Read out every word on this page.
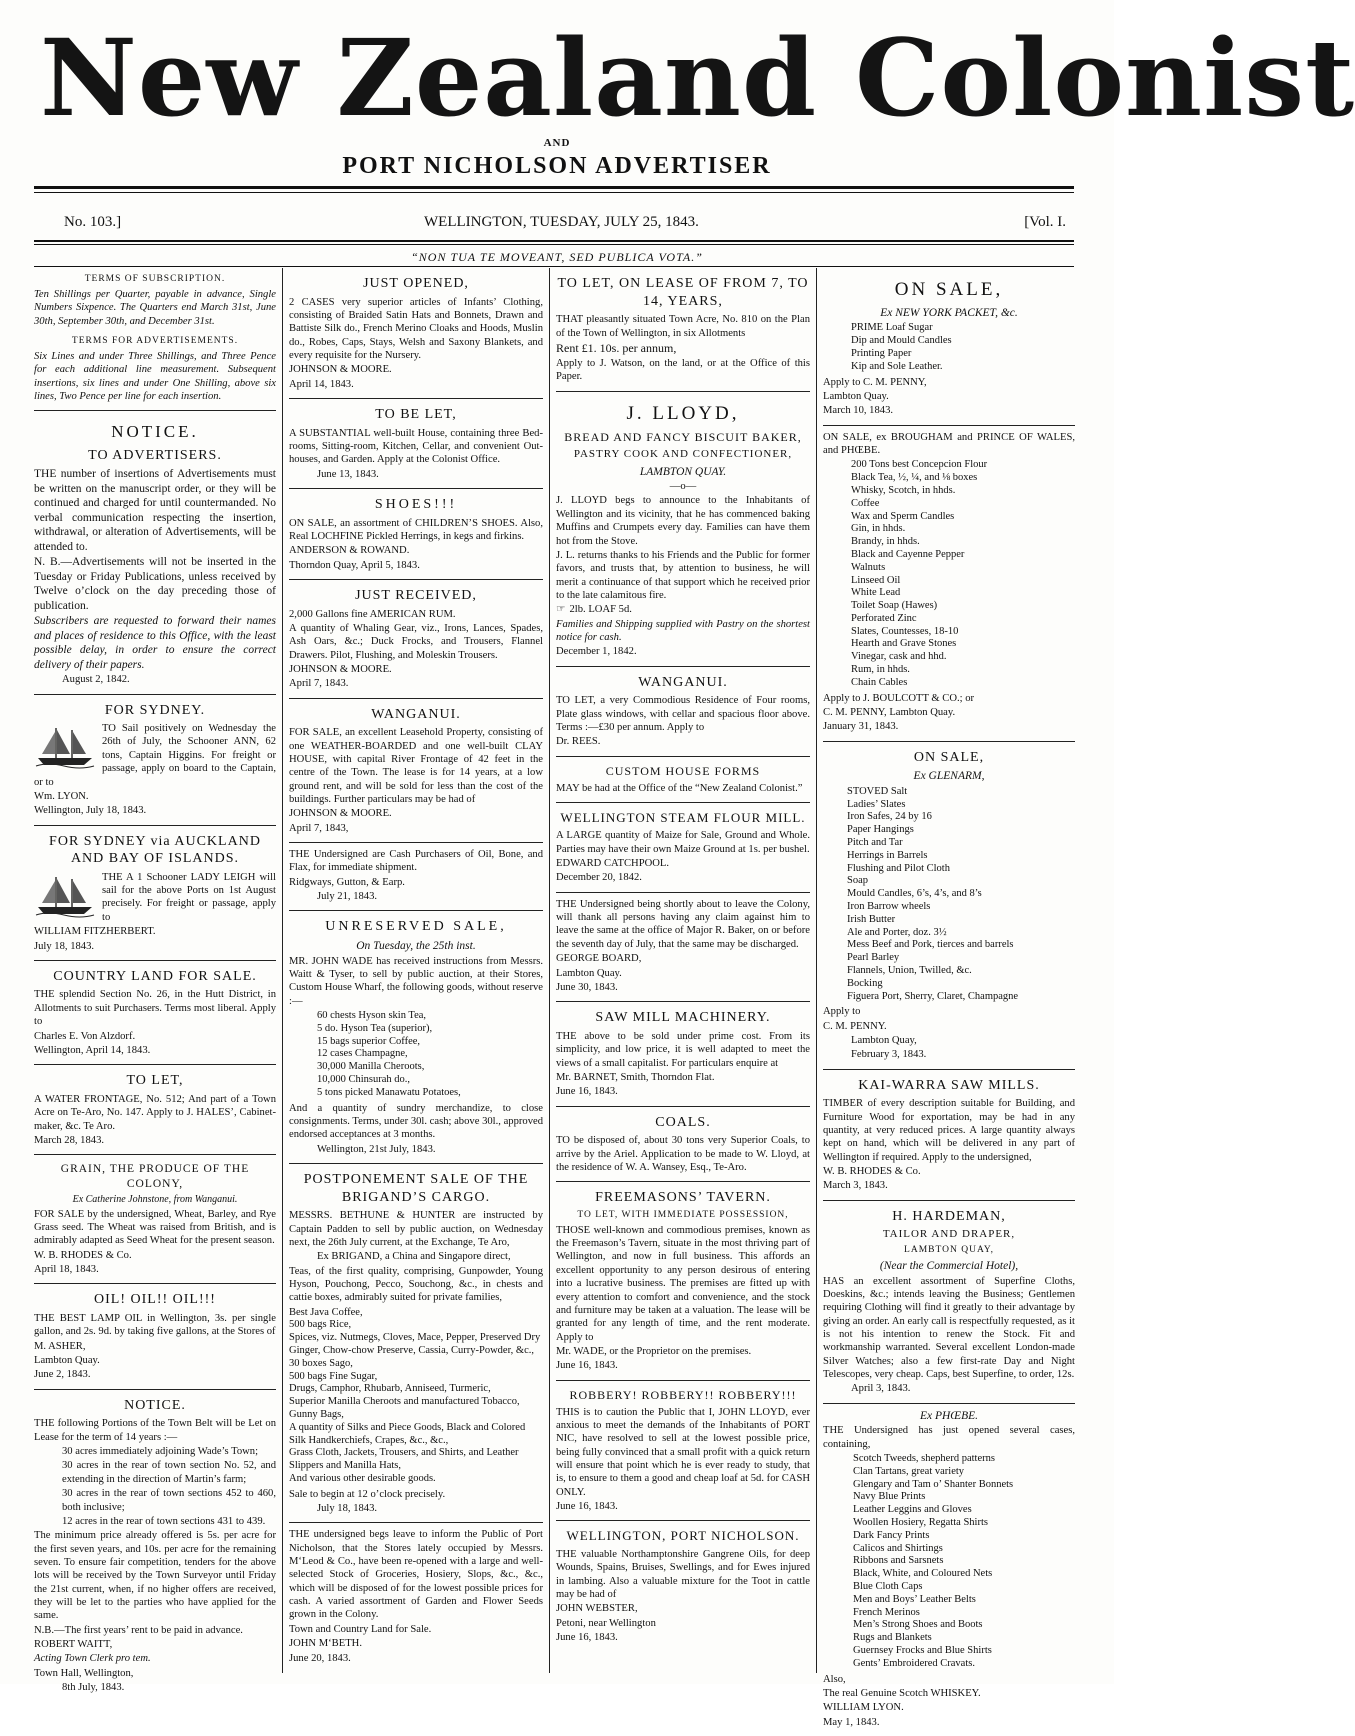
New Zealand Colonist
AND
PORT NICHOLSON ADVERTISER
No. 103.]	WELLINGTON, TUESDAY, JULY 25, 1843.	[Vol. I.
“NON TUA TE MOVEANT, SED PUBLICA VOTA.”
TERMS OF SUBSCRIPTION.

Ten Shillings per Quarter, payable in advance, Single Numbers Sixpence. The Quarters end March 31st, June 30th, September 30th, and December 31st.

TERMS FOR ADVERTISEMENTS.

Six Lines and under Three Shillings, and Three Pence for each additional line measurement. Subsequent insertions, six lines and under One Shilling, above six lines, Two Pence per line for each insertion.

NOTICE.
TO ADVERTISERS.

THE number of insertions of Advertisements must be written on the manuscript order, or they will be continued and charged for until countermanded. No verbal communication respecting the insertion, withdrawal, or alteration of Advertisements, will be attended to.

N. B.—Advertisements will not be inserted in the Tuesday or Friday Publications, unless received by Twelve o’clock on the day preceding those of publication.

Subscribers are requested to forward their names and places of residence to this Office, with the least possible delay, in order to ensure the correct delivery of their papers.

August 2, 1842.

FOR SYDNEY.

TO Sail positively on Wednesday the 26th of July, the Schooner ANN, 62 tons, Captain Higgins. For freight or passage, apply on board to the Captain, or to

Wm. LYON.

Wellington, July 18, 1843.

FOR SYDNEY via AUCKLAND AND BAY OF ISLANDS.

THE A 1 Schooner LADY LEIGH will sail for the above Ports on 1st August precisely. For freight or passage, apply to

WILLIAM FITZHERBERT.

July 18, 1843.

COUNTRY LAND FOR SALE.

THE splendid Section No. 26, in the Hutt District, in Allotments to suit Purchasers. Terms most liberal. Apply to

Charles E. Von Alzdorf.

Wellington, April 14, 1843.

TO LET,

A WATER FRONTAGE, No. 512; And part of a Town Acre on Te-Aro, No. 147. Apply to J. HALES’, Cabinet-maker, &c. Te Aro.

March 28, 1843.

GRAIN, THE PRODUCE OF THE COLONY,
Ex Catherine Johnstone, from Wanganui.

FOR SALE by the undersigned, Wheat, Barley, and Rye Grass seed. The Wheat was raised from British, and is admirably adapted as Seed Wheat for the present season.

W. B. RHODES & Co.

April 18, 1843.

OIL! OIL!! OIL!!!

THE BEST LAMP OIL in Wellington, 3s. per single gallon, and 2s. 9d. by taking five gallons, at the Stores of

M. ASHER,

Lambton Quay.

June 2, 1843.

NOTICE.

THE following Portions of the Town Belt will be Let on Lease for the term of 14 years :—

30 acres immediately adjoining Wade’s Town;

30 acres in the rear of town section No. 52, and extending in the direction of Martin’s farm;

30 acres in the rear of town sections 452 to 460, both inclusive;

12 acres in the rear of town sections 431 to 439.

The minimum price already offered is 5s. per acre for the first seven years, and 10s. per acre for the remaining seven. To ensure fair competition, tenders for the above lots will be received by the Town Surveyor until Friday the 21st current, when, if no higher offers are received, they will be let to the parties who have applied for the same.

N.B.—The first years’ rent to be paid in advance.

ROBERT WAITT,

Acting Town Clerk pro tem.

Town Hall, Wellington,

8th July, 1843.

JUST OPENED,

2 CASES very superior articles of Infants’ Clothing, consisting of Braided Satin Hats and Bonnets, Drawn and Battiste Silk do., French Merino Cloaks and Hoods, Muslin do., Robes, Caps, Stays, Welsh and Saxony Blankets, and every requisite for the Nursery.

JOHNSON & MOORE.

April 14, 1843.

TO BE LET,

A SUBSTANTIAL well-built House, containing three Bed-rooms, Sitting-room, Kitchen, Cellar, and convenient Out-houses, and Garden. Apply at the Colonist Office.

June 13, 1843.

SHOES!!!

ON SALE, an assortment of CHILDREN’S SHOES. Also, Real LOCHFINE Pickled Herrings, in kegs and firkins.

ANDERSON & ROWAND.

Thorndon Quay, April 5, 1843.

JUST RECEIVED,

2,000 Gallons fine AMERICAN RUM.

A quantity of Whaling Gear, viz., Irons, Lances, Spades, Ash Oars, &c.; Duck Frocks, and Trousers, Flannel Drawers. Pilot, Flushing, and Moleskin Trousers.

JOHNSON & MOORE.

April 7, 1843.

WANGANUI.

FOR SALE, an excellent Leasehold Property, consisting of one WEATHER-BOARDED and one well-built CLAY HOUSE, with capital River Frontage of 42 feet in the centre of the Town. The lease is for 14 years, at a low ground rent, and will be sold for less than the cost of the buildings. Further particulars may be had of

JOHNSON & MOORE.

April 7, 1843,

THE Undersigned are Cash Purchasers of Oil, Bone, and Flax, for immediate shipment.

Ridgways, Gutton, & Earp.

July 21, 1843.

UNRESERVED SALE,
On Tuesday, the 25th inst.

MR. JOHN WADE has received instructions from Messrs. Waitt & Tyser, to sell by public auction, at their Stores, Custom House Wharf, the following goods, without reserve :—

60 chests Hyson skin Tea,
5 do. Hyson Tea (superior),
15 bags superior Coffee,
12 cases Champagne,
30,000 Manilla Cheroots,
10,000 Chinsurah do.,
5 tons picked Manawatu Potatoes,

And a quantity of sundry merchandize, to close consignments. Terms, under 30l. cash; above 30l., approved endorsed acceptances at 3 months.

Wellington, 21st July, 1843.

POSTPONEMENT SALE OF THE BRIGAND’S CARGO.

MESSRS. BETHUNE & HUNTER are instructed by Captain Padden to sell by public auction, on Wednesday next, the 26th July current, at the Exchange, Te Aro,

Ex BRIGAND, a China and Singapore direct,

Teas, of the first quality, comprising, Gunpowder, Young Hyson, Pouchong, Pecco, Souchong, &c., in chests and cattie boxes, admirably suited for private families,

Best Java Coffee,
500 bags Rice,
Spices, viz. Nutmegs, Cloves, Mace, Pepper, Preserved Dry Ginger, Chow-chow Preserve, Cassia, Curry-Powder, &c.,
30 boxes Sago,
500 bags Fine Sugar,
Drugs, Camphor, Rhubarb, Anniseed, Turmeric,
Superior Manilla Cheroots and manufactured Tobacco,
Gunny Bags,
A quantity of Silks and Piece Goods, Black and Colored Silk Handkerchiefs, Crapes, &c., &c.,
Grass Cloth, Jackets, Trousers, and Shirts, and Leather Slippers and Manilla Hats,
And various other desirable goods.

Sale to begin at 12 o’clock precisely.

July 18, 1843.

THE undersigned begs leave to inform the Public of Port Nicholson, that the Stores lately occupied by Messrs. M‘Leod & Co., have been re-opened with a large and well-selected Stock of Groceries, Hosiery, Slops, &c., &c., which will be disposed of for the lowest possible prices for cash. A varied assortment of Garden and Flower Seeds grown in the Colony.

Town and Country Land for Sale.

JOHN M‘BETH.

June 20, 1843.

TO LET, ON LEASE OF FROM 7, TO 14, YEARS,

THAT pleasantly situated Town Acre, No. 810 on the Plan of the Town of Wellington, in six Allotments

Rent £1. 10s. per annum,

Apply to J. Watson, on the land, or at the Office of this Paper.

J. LLOYD,
BREAD AND FANCY BISCUIT BAKER,
PASTRY COOK AND CONFECTIONER,
LAMBTON QUAY.
—o—

J. LLOYD begs to announce to the Inhabitants of Wellington and its vicinity, that he has commenced baking Muffins and Crumpets every day. Families can have them hot from the Stove.

J. L. returns thanks to his Friends and the Public for former favors, and trusts that, by attention to business, he will merit a continuance of that support which he received prior to the late calamitous fire.

☞ 2lb. LOAF 5d.

Families and Shipping supplied with Pastry on the shortest notice for cash.

December 1, 1842.

WANGANUI.

TO LET, a very Commodious Residence of Four rooms, Plate glass windows, with cellar and spacious floor above. Terms :—£30 per annum. Apply to

Dr. REES.

CUSTOM HOUSE FORMS

MAY be had at the Office of the “New Zealand Colonist.”

WELLINGTON STEAM FLOUR MILL.

A LARGE quantity of Maize for Sale, Ground and Whole. Parties may have their own Maize Ground at 1s. per bushel.

EDWARD CATCHPOOL.

December 20, 1842.

THE Undersigned being shortly about to leave the Colony, will thank all persons having any claim against him to leave the same at the office of Major R. Baker, on or before the seventh day of July, that the same may be discharged.

GEORGE BOARD,

Lambton Quay.

June 30, 1843.

SAW MILL MACHINERY.

THE above to be sold under prime cost. From its simplicity, and low price, it is well adapted to meet the views of a small capitalist. For particulars enquire at

Mr. BARNET, Smith, Thorndon Flat.

June 16, 1843.

COALS.

TO be disposed of, about 30 tons very Superior Coals, to arrive by the Ariel. Application to be made to W. Lloyd, at the residence of W. A. Wansey, Esq., Te-Aro.

FREEMASONS’ TAVERN.
TO LET, WITH IMMEDIATE POSSESSION,

THOSE well-known and commodious premises, known as the Freemason’s Tavern, situate in the most thriving part of Wellington, and now in full business. This affords an excellent opportunity to any person desirous of entering into a lucrative business. The premises are fitted up with every attention to comfort and convenience, and the stock and furniture may be taken at a valuation. The lease will be granted for any length of time, and the rent moderate. Apply to

Mr. WADE, or the Proprietor on the premises.

June 16, 1843.

ROBBERY! ROBBERY!! ROBBERY!!!

THIS is to caution the Public that I, JOHN LLOYD, ever anxious to meet the demands of the Inhabitants of PORT NIC, have resolved to sell at the lowest possible price, being fully convinced that a small profit with a quick return will ensure that point which he is ever ready to study, that is, to ensure to them a good and cheap loaf at 5d. for CASH ONLY.

June 16, 1843.

WELLINGTON, PORT NICHOLSON.

THE valuable Northamptonshire Gangrene Oils, for deep Wounds, Spains, Bruises, Swellings, and for Ewes injured in lambing. Also a valuable mixture for the Toot in cattle may be had of

JOHN WEBSTER,

Petoni, near Wellington

June 16, 1843.

ON SALE,
Ex NEW YORK PACKET, &c.
PRIME Loaf Sugar
Dip and Mould Candles
Printing Paper
Kip and Sole Leather.

Apply to C. M. PENNY,

Lambton Quay.

March 10, 1843.

ON SALE, ex BROUGHAM and PRINCE OF WALES, and PHŒBE.

200 Tons best Concepcion Flour
Black Tea, ½, ¼, and ⅛ boxes
Whisky, Scotch, in hhds.
Coffee
Wax and Sperm Candles
Gin, in hhds.
Brandy, in hhds.
Black and Cayenne Pepper
Walnuts
Linseed Oil
White Lead
Toilet Soap (Hawes)
Perforated Zinc
Slates, Countesses, 18-10
Hearth and Grave Stones
Vinegar, cask and hhd.
Rum, in hhds.
Chain Cables

Apply to J. BOULCOTT & CO.; or

C. M. PENNY, Lambton Quay.

January 31, 1843.

ON SALE,
Ex GLENARM,
STOVED Salt
Ladies’ Slates
Iron Safes, 24 by 16
Paper Hangings
Pitch and Tar
Herrings in Barrels
Flushing and Pilot Cloth
Soap
Mould Candles, 6’s, 4’s, and 8’s
Iron Barrow wheels
Irish Butter
Ale and Porter, doz. 3½
Mess Beef and Pork, tierces and barrels
Pearl Barley
Flannels, Union, Twilled, &c.
Bocking
Figuera Port, Sherry, Claret, Champagne

Apply to

C. M. PENNY.

Lambton Quay,

February 3, 1843.

KAI-WARRA SAW MILLS.

TIMBER of every description suitable for Building, and Furniture Wood for exportation, may be had in any quantity, at very reduced prices. A large quantity always kept on hand, which will be delivered in any part of Wellington if required. Apply to the undersigned,

W. B. RHODES & Co.

March 3, 1843.

H. HARDEMAN,
TAILOR AND DRAPER,
LAMBTON QUAY,
(Near the Commercial Hotel),

HAS an excellent assortment of Superfine Cloths, Doeskins, &c.; intends leaving the Business; Gentlemen requiring Clothing will find it greatly to their advantage by giving an order. An early call is respectfully requested, as it is not his intention to renew the Stock. Fit and workmanship warranted. Several excellent London-made Silver Watches; also a few first-rate Day and Night Telescopes, very cheap. Caps, best Superfine, to order, 12s.

April 3, 1843.

Ex PHŒBE.

THE Undersigned has just opened several cases, containing,

Scotch Tweeds, shepherd patterns
Clan Tartans, great variety
Glengary and Tam o’ Shanter Bonnets
Navy Blue Prints
Leather Leggins and Gloves
Woollen Hosiery, Regatta Shirts
Dark Fancy Prints
Calicos and Shirtings
Ribbons and Sarsnets
Black, White, and Coloured Nets
Blue Cloth Caps
Men and Boys’ Leather Belts
French Merinos
Men’s Strong Shoes and Boots
Rugs and Blankets
Guernsey Frocks and Blue Shirts
Gents’ Embroidered Cravats.

Also,

The real Genuine Scotch WHISKEY.

WILLIAM LYON.

May 1, 1843.
